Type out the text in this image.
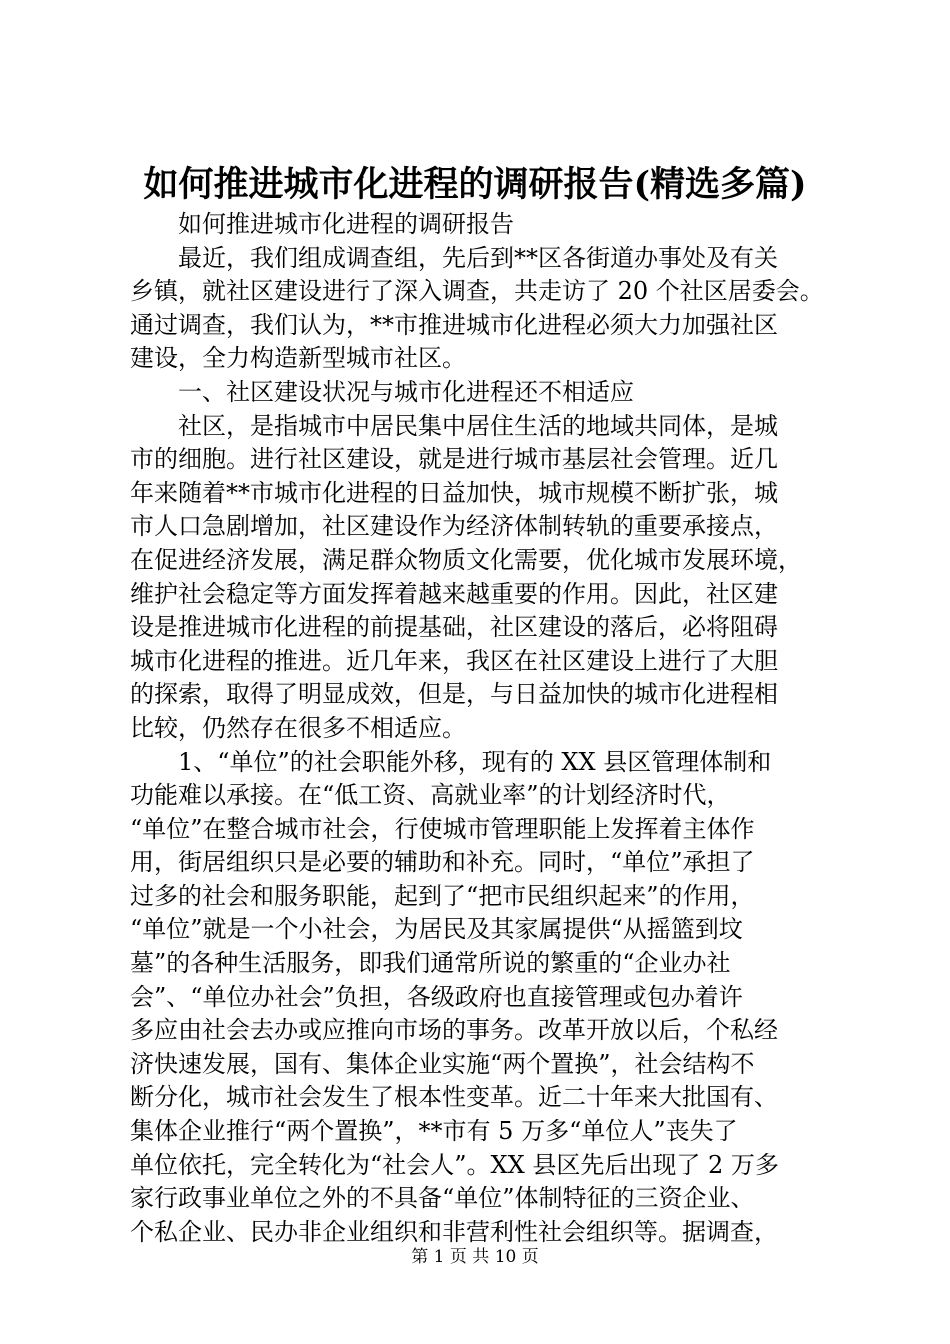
如何推进城市化进程的调研报告(精选多篇)
如何推进城市化进程的调研报告
最近，我们组成调查组，先后到**区各街道办事处及有关
乡镇，就社区建设进行了深入调查，共走访了 20 个社区居委会。
通过调查，我们认为，**市推进城市化进程必须大力加强社区
建设，全力构造新型城市社区。
一、社区建设状况与城市化进程还不相适应
社区，是指城市中居民集中居住生活的地域共同体，是城
市的细胞。进行社区建设，就是进行城市基层社会管理。近几
年来随着**市城市化进程的日益加快，城市规模不断扩张，城
市人口急剧增加，社区建设作为经济体制转轨的重要承接点，
在促进经济发展，满足群众物质文化需要，优化城市发展环境，
维护社会稳定等方面发挥着越来越重要的作用。因此，社区建
设是推进城市化进程的前提基础，社区建设的落后，必将阻碍
城市化进程的推进。近几年来，我区在社区建设上进行了大胆
的探索，取得了明显成效，但是，与日益加快的城市化进程相
比较，仍然存在很多不相适应。
1、“单位”的社会职能外移，现有的 XX 县区管理体制和
功能难以承接。在“低工资、高就业率”的计划经济时代，
“单位”在整合城市社会，行使城市管理职能上发挥着主体作
用，街居组织只是必要的辅助和补充。同时，“单位”承担了
过多的社会和服务职能，起到了“把市民组织起来”的作用，
“单位”就是一个小社会，为居民及其家属提供“从摇篮到坟
墓”的各种生活服务，即我们通常所说的繁重的“企业办社
会”、“单位办社会”负担，各级政府也直接管理或包办着许
多应由社会去办或应推向市场的事务。改革开放以后，个私经
济快速发展，国有、集体企业实施“两个置换”，社会结构不
断分化，城市社会发生了根本性变革。近二十年来大批国有、
集体企业推行“两个置换”，**市有 5 万多“单位人”丧失了
单位依托，完全转化为“社会人”。XX 县区先后出现了 2 万多
家行政事业单位之外的不具备“单位”体制特征的三资企业、
个私企业、民办非企业组织和非营利性社会组织等。据调查，
第 1 页 共 10 页
